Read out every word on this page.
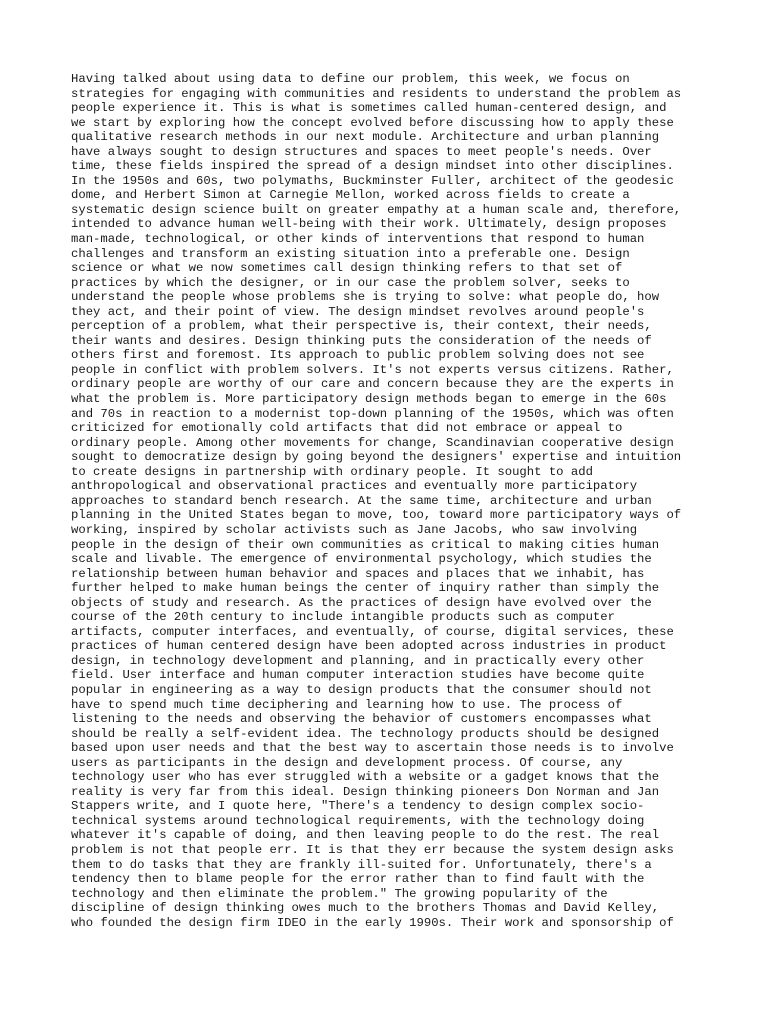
Having talked about using data to define our problem, this week, we focus on
strategies for engaging with communities and residents to understand the problem as
people experience it. This is what is sometimes called human-centered design, and
we start by exploring how the concept evolved before discussing how to apply these
qualitative research methods in our next module. Architecture and urban planning
have always sought to design structures and spaces to meet people's needs. Over
time, these fields inspired the spread of a design mindset into other disciplines.
In the 1950s and 60s, two polymaths, Buckminster Fuller, architect of the geodesic
dome, and Herbert Simon at Carnegie Mellon, worked across fields to create a
systematic design science built on greater empathy at a human scale and, therefore,
intended to advance human well-being with their work. Ultimately, design proposes
man-made, technological, or other kinds of interventions that respond to human
challenges and transform an existing situation into a preferable one. Design
science or what we now sometimes call design thinking refers to that set of
practices by which the designer, or in our case the problem solver, seeks to
understand the people whose problems she is trying to solve: what people do, how
they act, and their point of view. The design mindset revolves around people's
perception of a problem, what their perspective is, their context, their needs,
their wants and desires. Design thinking puts the consideration of the needs of
others first and foremost. Its approach to public problem solving does not see
people in conflict with problem solvers. It's not experts versus citizens. Rather,
ordinary people are worthy of our care and concern because they are the experts in
what the problem is. More participatory design methods began to emerge in the 60s
and 70s in reaction to a modernist top-down planning of the 1950s, which was often
criticized for emotionally cold artifacts that did not embrace or appeal to
ordinary people. Among other movements for change, Scandinavian cooperative design
sought to democratize design by going beyond the designers' expertise and intuition
to create designs in partnership with ordinary people. It sought to add
anthropological and observational practices and eventually more participatory
approaches to standard bench research. At the same time, architecture and urban
planning in the United States began to move, too, toward more participatory ways of
working, inspired by scholar activists such as Jane Jacobs, who saw involving
people in the design of their own communities as critical to making cities human
scale and livable. The emergence of environmental psychology, which studies the
relationship between human behavior and spaces and places that we inhabit, has
further helped to make human beings the center of inquiry rather than simply the
objects of study and research. As the practices of design have evolved over the
course of the 20th century to include intangible products such as computer
artifacts, computer interfaces, and eventually, of course, digital services, these
practices of human centered design have been adopted across industries in product
design, in technology development and planning, and in practically every other
field. User interface and human computer interaction studies have become quite
popular in engineering as a way to design products that the consumer should not
have to spend much time deciphering and learning how to use. The process of
listening to the needs and observing the behavior of customers encompasses what
should be really a self-evident idea. The technology products should be designed
based upon user needs and that the best way to ascertain those needs is to involve
users as participants in the design and development process. Of course, any
technology user who has ever struggled with a website or a gadget knows that the
reality is very far from this ideal. Design thinking pioneers Don Norman and Jan
Stappers write, and I quote here, "There's a tendency to design complex socio-
technical systems around technological requirements, with the technology doing
whatever it's capable of doing, and then leaving people to do the rest. The real
problem is not that people err. It is that they err because the system design asks
them to do tasks that they are frankly ill-suited for. Unfortunately, there's a
tendency then to blame people for the error rather than to find fault with the
technology and then eliminate the problem." The growing popularity of the
discipline of design thinking owes much to the brothers Thomas and David Kelley,
who founded the design firm IDEO in the early 1990s. Their work and sponsorship of
